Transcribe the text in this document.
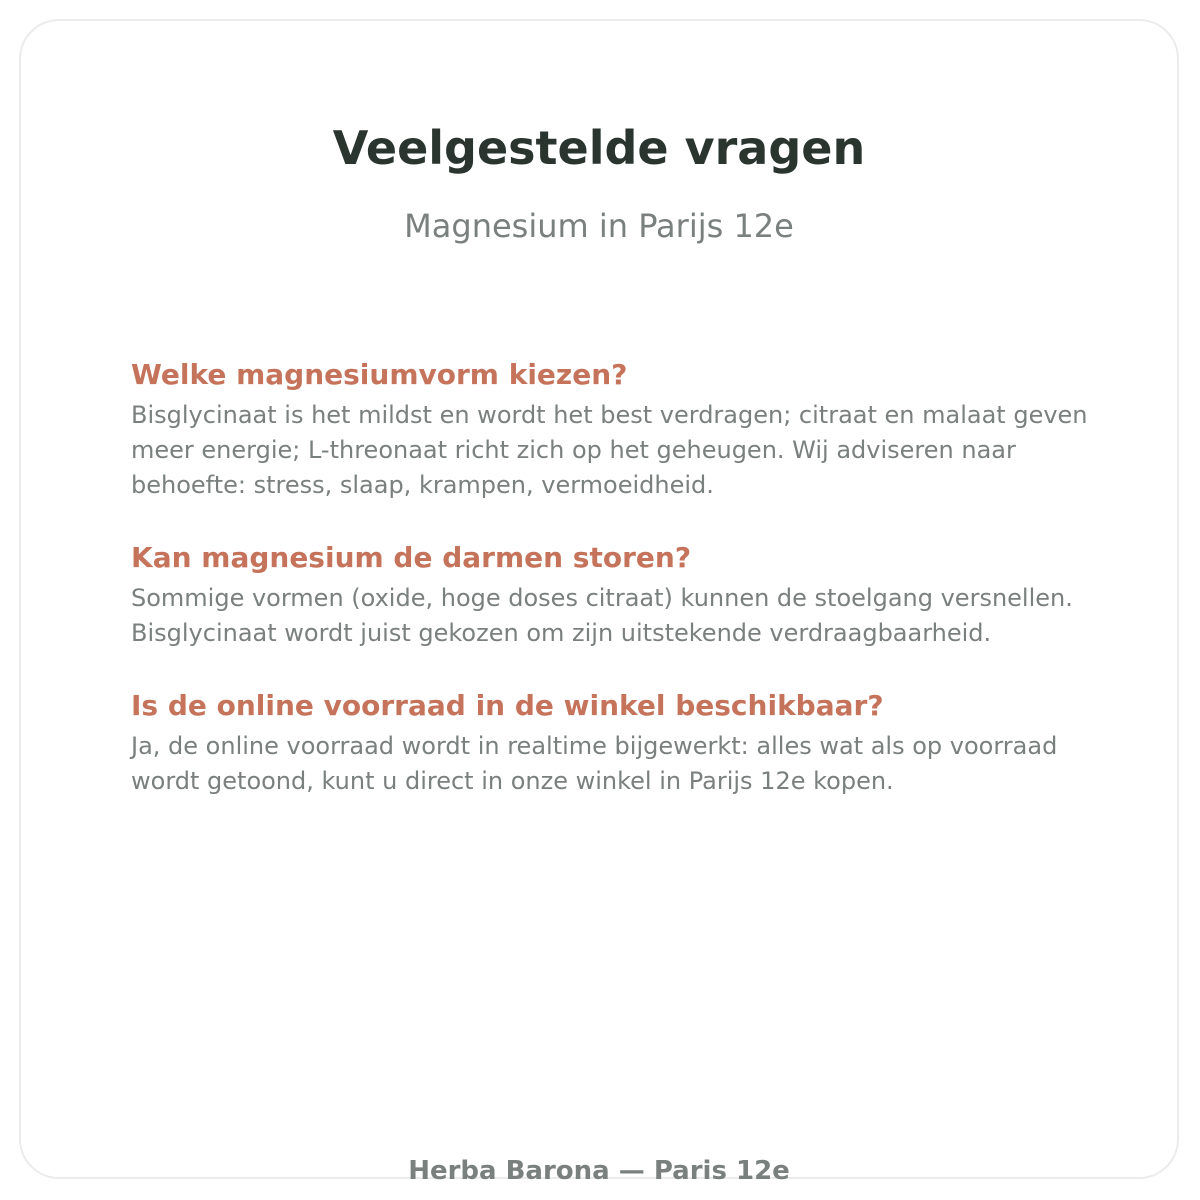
Veelgestelde vragen

Magnesium in Parijs 12e

Welke magnesiumvorm kiezen?

Bisglycinaat is het mildst en wordt het best verdragen; citraat en malaat geven meer energie; L-threonaat richt zich op het geheugen. Wij adviseren naar behoefte: stress, slaap, krampen, vermoeidheid.

Kan magnesium de darmen storen?

Sommige vormen (oxide, hoge doses citraat) kunnen de stoelgang versnellen. Bisglycinaat wordt juist gekozen om zijn uitstekende verdraagbaarheid.

Is de online voorraad in de winkel beschikbaar?

Ja, de online voorraad wordt in realtime bijgewerkt: alles wat als op voorraad wordt getoond, kunt u direct in onze winkel in Parijs 12e kopen.

Herba Barona — Paris 12e
